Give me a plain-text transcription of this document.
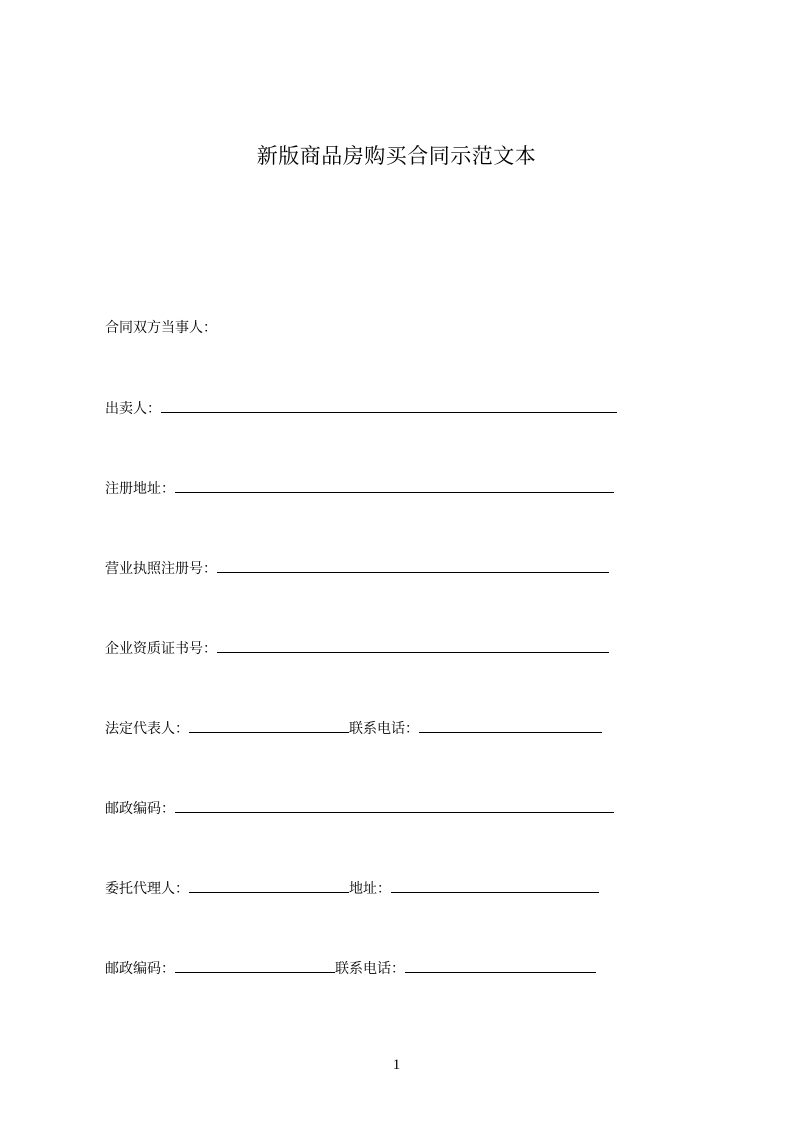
新版商品房购买合同示范文本
合同双方当事人：
出卖人：
注册地址：
营业执照注册号：
企业资质证书号：
法定代表人：	联系电话：
邮政编码：
委托代理人：	地址：
邮政编码：	联系电话：
1
